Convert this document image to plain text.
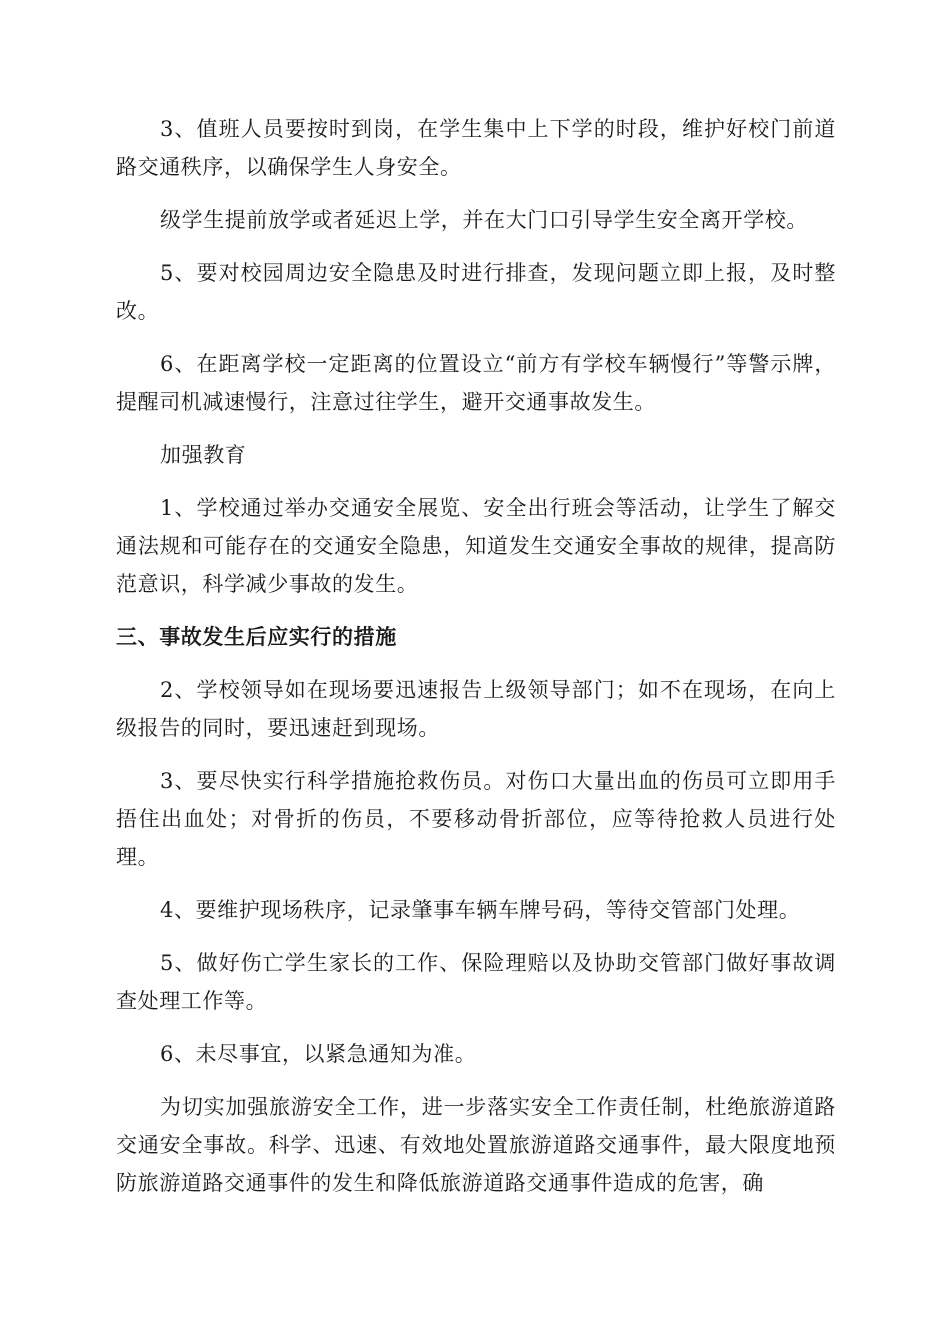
3、值班人员要按时到岗，在学生集中上下学的时段，维护好校门前道路交通秩序，以确保学生人身安全。

级学生提前放学或者延迟上学，并在大门口引导学生安全离开学校。

5、要对校园周边安全隐患及时进行排查，发现问题立即上报，及时整改。

6、在距离学校一定距离的位置设立“前方有学校车辆慢行”等警示牌，提醒司机减速慢行，注意过往学生，避开交通事故发生。

加强教育

1、学校通过举办交通安全展览、安全出行班会等活动，让学生了解交通法规和可能存在的交通安全隐患，知道发生交通安全事故的规律，提高防范意识，科学减少事故的发生。

三、事故发生后应实行的措施

2、学校领导如在现场要迅速报告上级领导部门；如不在现场，在向上级报告的同时，要迅速赶到现场。

3、要尽快实行科学措施抢救伤员。对伤口大量出血的伤员可立即用手捂住出血处；对骨折的伤员，不要移动骨折部位，应等待抢救人员进行处理。

4、要维护现场秩序，记录肇事车辆车牌号码，等待交管部门处理。

5、做好伤亡学生家长的工作、保险理赔以及协助交管部门做好事故调查处理工作等。

6、未尽事宜，以紧急通知为准。

为切实加强旅游安全工作，进一步落实安全工作责任制，杜绝旅游道路交通安全事故。科学、迅速、有效地处置旅游道路交通事件，最大限度地预防旅游道路交通事件的发生和降低旅游道路交通事件造成的危害，确
